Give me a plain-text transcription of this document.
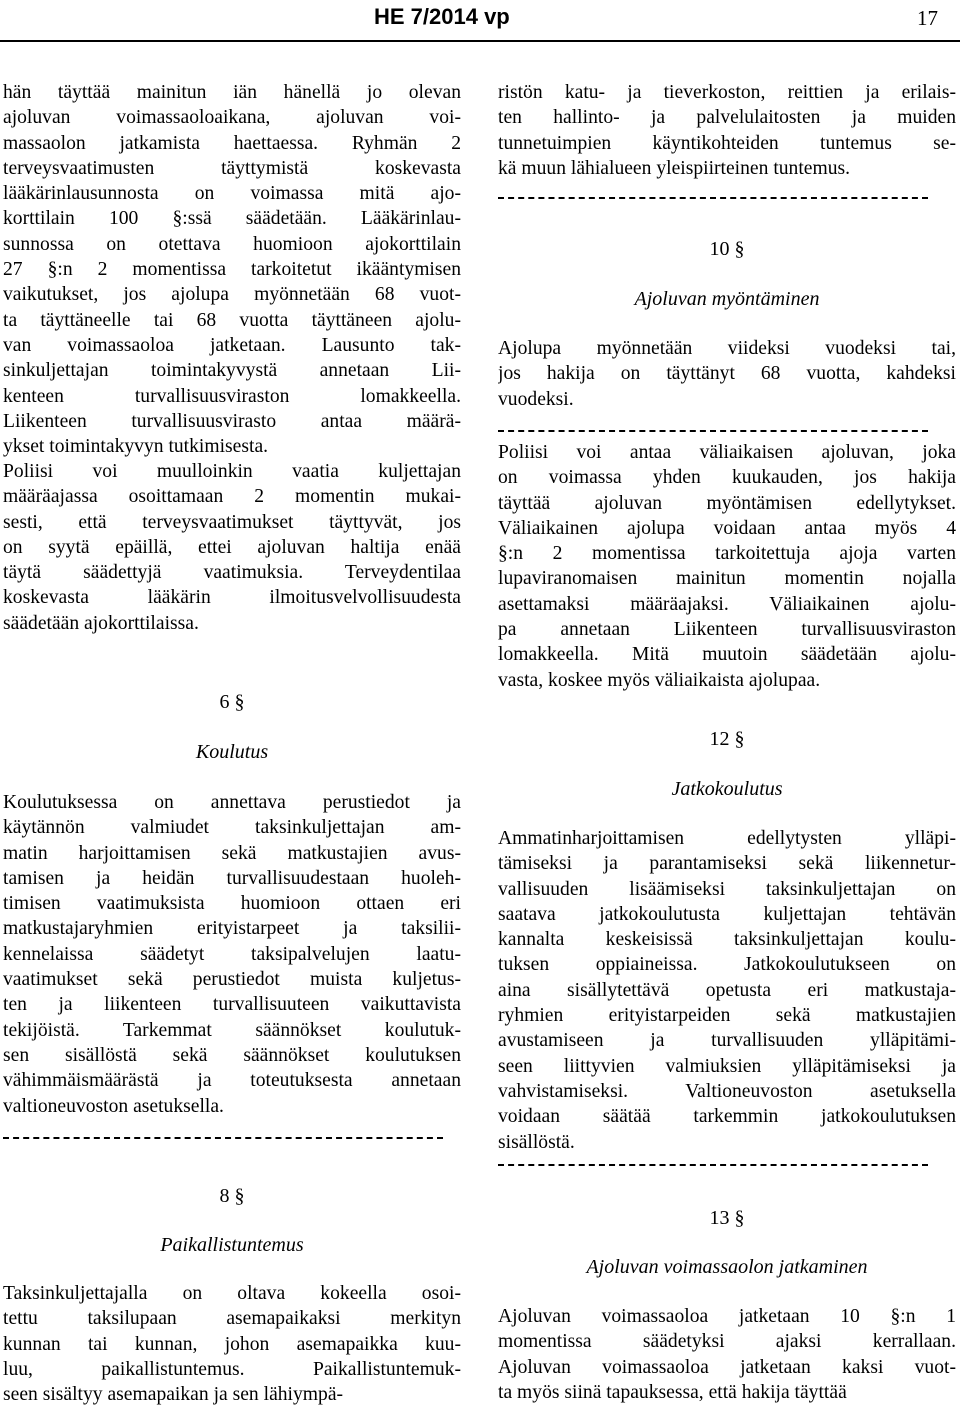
HE 7/2014 vp	17
hän täyttää mainitun iän hänellä jo olevan
ajoluvan voimassaoloaikana, ajoluvan voi-
massaolon jatkamista haettaessa. Ryhmän 2
terveysvaatimusten täyttymistä koskevasta
lääkärinlausunnosta on voimassa mitä ajo-
korttilain 100 §:ssä säädetään. Lääkärinlau-
sunnossa on otettava huomioon ajokorttilain
27 §:n 2 momentissa tarkoitetut ikääntymisen
vaikutukset, jos ajolupa myönnetään 68 vuot-
ta täyttäneelle tai 68 vuotta täyttäneen ajolu-
van voimassaoloa jatketaan. Lausunto tak-
sinkuljettajan toimintakyvystä annetaan Lii-
kenteen turvallisuusviraston lomakkeella.
Liikenteen turvallisuusvirasto antaa määrä-
ykset toimintakyvyn tutkimisesta.
Poliisi voi muulloinkin vaatia kuljettajan
määräajassa osoittamaan 2 momentin mukai-
sesti, että terveysvaatimukset täyttyvät, jos
on syytä epäillä, ettei ajoluvan haltija enää
täytä säädettyjä vaatimuksia. Terveydentilaa
koskevasta lääkärin ilmoitusvelvollisuudesta
säädetään ajokorttilaissa.
6 §
Koulutus
Koulutuksessa on annettava perustiedot ja
käytännön valmiudet taksinkuljettajan am-
matin harjoittamisen sekä matkustajien avus-
tamisen ja heidän turvallisuudestaan huoleh-
timisen vaatimuksista huomioon ottaen eri
matkustajaryhmien erityistarpeet ja taksilii-
kennelaissa säädetyt taksipalvelujen laatu-
vaatimukset sekä perustiedot muista kuljetus-
ten ja liikenteen turvallisuuteen vaikuttavista
tekijöistä. Tarkemmat säännökset koulutuk-
sen sisällöstä sekä säännökset koulutuksen
vähimmäismäärästä ja toteutuksesta annetaan
valtioneuvoston asetuksella.
8 §
Paikallistuntemus
Taksinkuljettajalla on oltava kokeella osoi-
tettu taksilupaan asemapaikaksi merkityn
kunnan tai kunnan, johon asemapaikka kuu-
luu, paikallistuntemus. Paikallistuntemuk-
seen sisältyy asemapaikan ja sen lähiympä-
ristön katu- ja tieverkoston, reittien ja erilais-
ten hallinto- ja palvelulaitosten ja muiden
tunnetuimpien käyntikohteiden tuntemus se-
kä muun lähialueen yleispiirteinen tuntemus.
10 §
Ajoluvan myöntäminen
Ajolupa myönnetään viideksi vuodeksi tai,
jos hakija on täyttänyt 68 vuotta, kahdeksi
vuodeksi.
Poliisi voi antaa väliaikaisen ajoluvan, joka
on voimassa yhden kuukauden, jos hakija
täyttää ajoluvan myöntämisen edellytykset.
Väliaikainen ajolupa voidaan antaa myös 4
§:n 2 momentissa tarkoitettuja ajoja varten
lupaviranomaisen mainitun momentin nojalla
asettamaksi määräajaksi. Väliaikainen ajolu-
pa annetaan Liikenteen turvallisuusviraston
lomakkeella. Mitä muutoin säädetään ajolu-
vasta, koskee myös väliaikaista ajolupaa.
12 §
Jatkokoulutus
Ammatinharjoittamisen edellytysten ylläpi-
tämiseksi ja parantamiseksi sekä liikennetur-
vallisuuden lisäämiseksi taksinkuljettajan on
saatava jatkokoulutusta kuljettajan tehtävän
kannalta keskeisissä taksinkuljettajan koulu-
tuksen oppiaineissa. Jatkokoulutukseen on
aina sisällytettävä opetusta eri matkustaja-
ryhmien erityistarpeiden sekä matkustajien
avustamiseen ja turvallisuuden ylläpitämi-
seen liittyvien valmiuksien ylläpitämiseksi ja
vahvistamiseksi. Valtioneuvoston asetuksella
voidaan säätää tarkemmin jatkokoulutuksen
sisällöstä.
13 §
Ajoluvan voimassaolon jatkaminen
Ajoluvan voimassaoloa jatketaan 10 §:n 1
momentissa säädetyksi ajaksi kerrallaan.
Ajoluvan voimassaoloa jatketaan kaksi vuot-
ta myös siinä tapauksessa, että hakija täyttää
